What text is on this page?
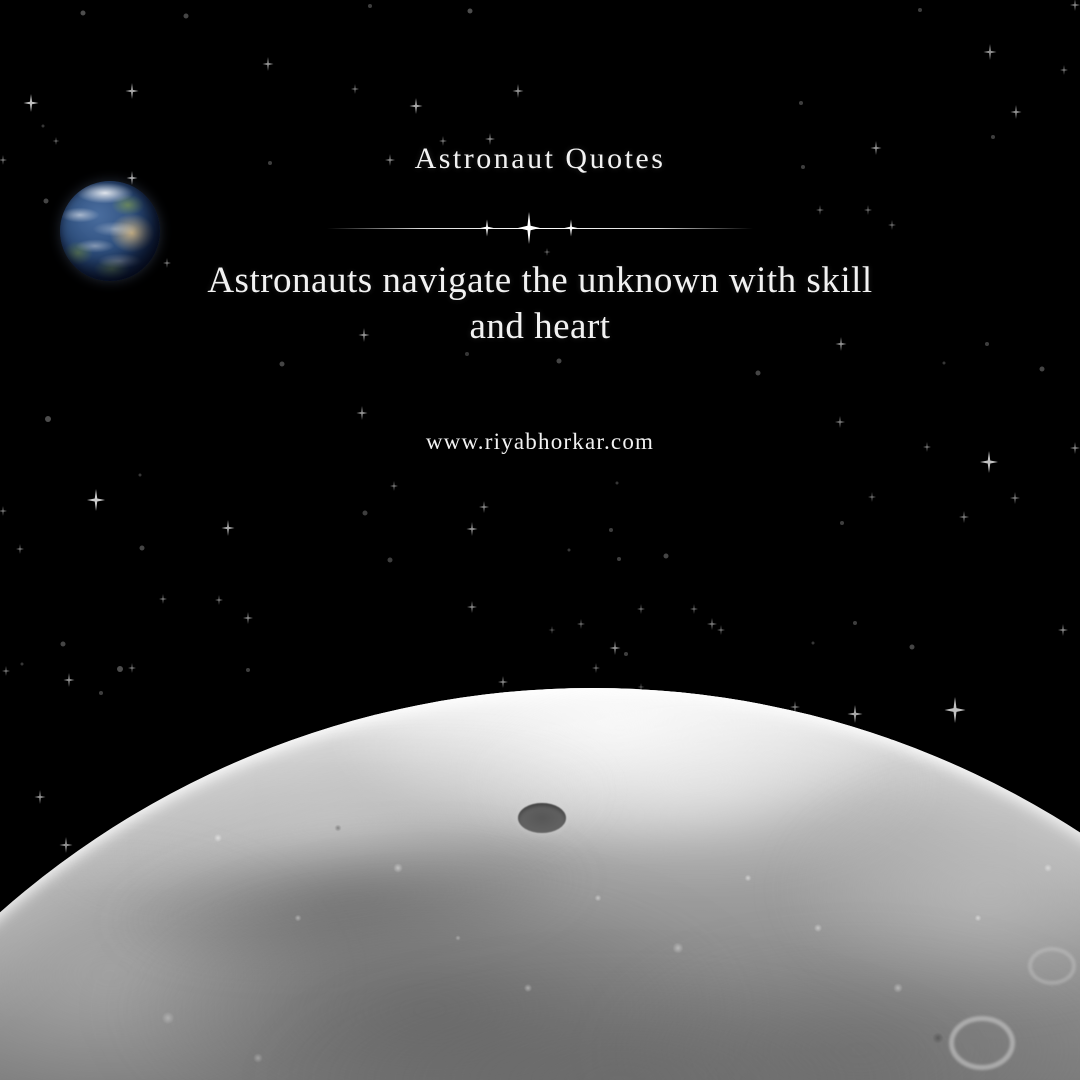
Astronaut Quotes
Astronauts navigate the unknown with skill
and heart
www.riyabhorkar.com
